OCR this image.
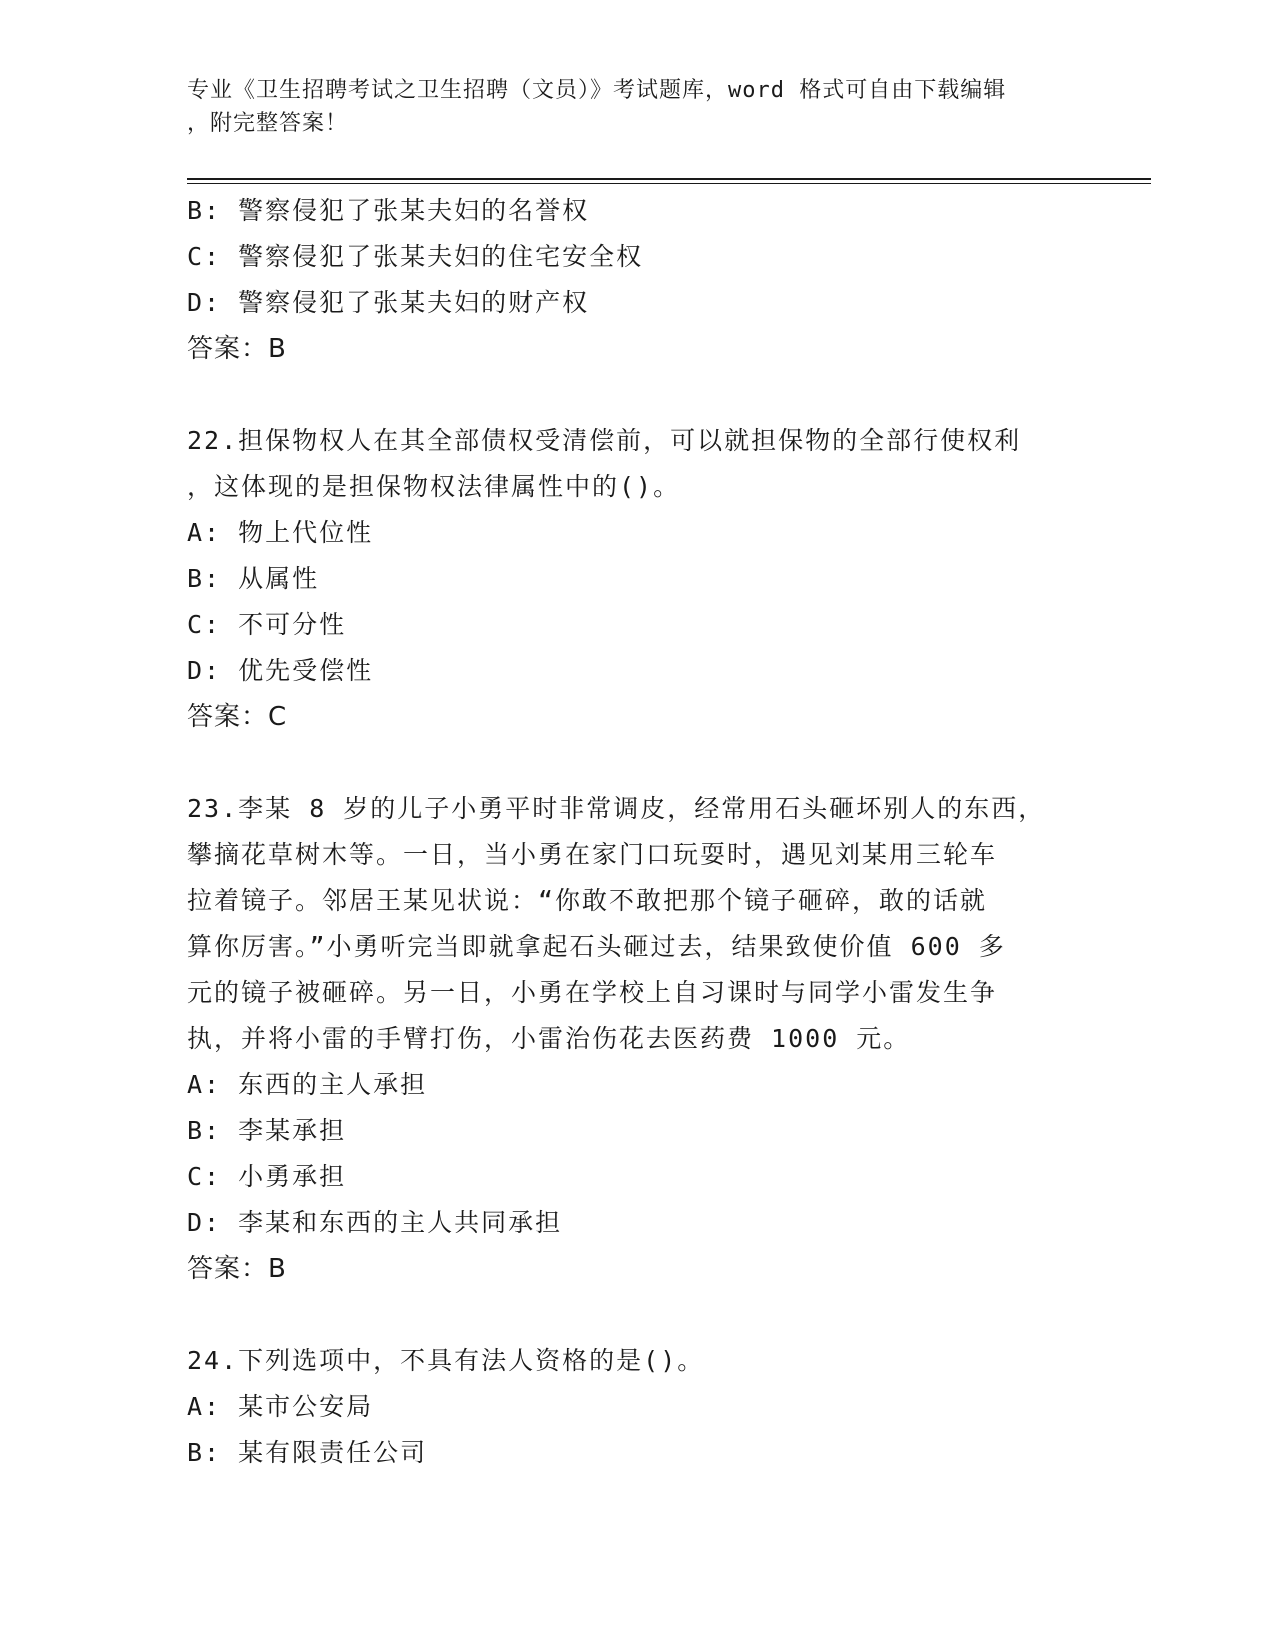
专业《卫生招聘考试之卫生招聘（文员）》考试题库，word 格式可自由下载编辑
，附完整答案！
B: 警察侵犯了张某夫妇的名誉权
C: 警察侵犯了张某夫妇的住宅安全权
D: 警察侵犯了张某夫妇的财产权
答案：B
22.担保物权人在其全部债权受清偿前，可以就担保物的全部行使权利
，这体现的是担保物权法律属性中的()。
A: 物上代位性
B: 从属性
C: 不可分性
D: 优先受偿性
答案：C
23.李某 8 岁的儿子小勇平时非常调皮，经常用石头砸坏别人的东西，
攀摘花草树木等。一日，当小勇在家门口玩耍时，遇见刘某用三轮车
拉着镜子。邻居王某见状说：“你敢不敢把那个镜子砸碎，敢的话就
算你厉害。”小勇听完当即就拿起石头砸过去，结果致使价值 600 多
元的镜子被砸碎。另一日，小勇在学校上自习课时与同学小雷发生争
执，并将小雷的手臂打伤，小雷治伤花去医药费 1000 元。
A: 东西的主人承担
B: 李某承担
C: 小勇承担
D: 李某和东西的主人共同承担
答案：B
24.下列选项中，不具有法人资格的是()。
A: 某市公安局
B: 某有限责任公司
